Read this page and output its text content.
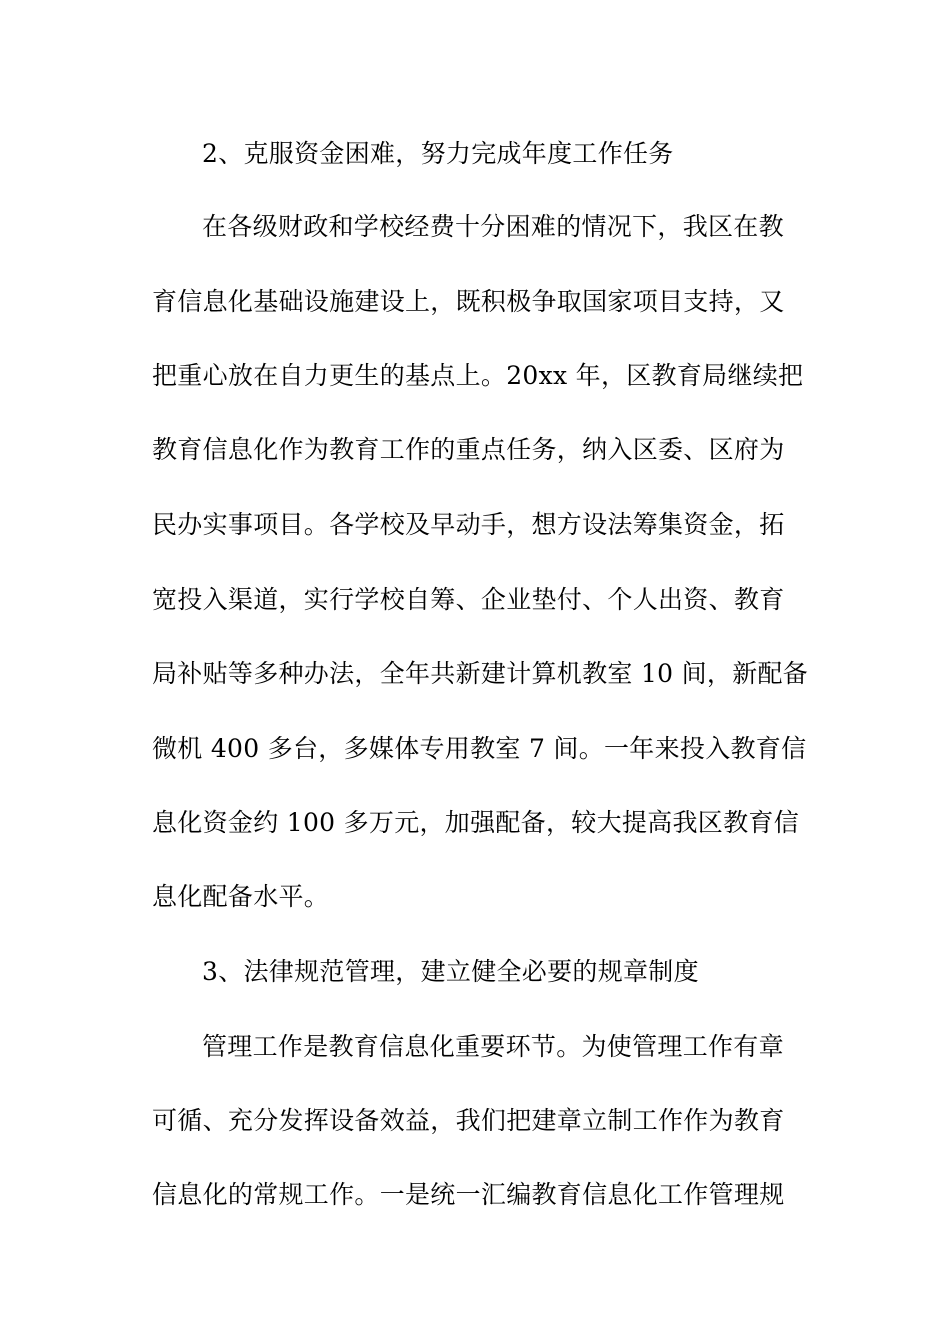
2、克服资金困难，努力完成年度工作任务
在各级财政和学校经费十分困难的情况下，我区在教
育信息化基础设施建设上，既积极争取国家项目支持，又
把重心放在自力更生的基点上。20xx 年，区教育局继续把
教育信息化作为教育工作的重点任务，纳入区委、区府为
民办实事项目。各学校及早动手，想方设法筹集资金，拓
宽投入渠道，实行学校自筹、企业垫付、个人出资、教育
局补贴等多种办法，全年共新建计算机教室 10 间，新配备
微机 400 多台，多媒体专用教室 7 间。一年来投入教育信
息化资金约 100 多万元，加强配备，较大提高我区教育信
息化配备水平。
3、法律规范管理，建立健全必要的规章制度
管理工作是教育信息化重要环节。为使管理工作有章
可循、充分发挥设备效益，我们把建章立制工作作为教育
信息化的常规工作。一是统一汇编教育信息化工作管理规
